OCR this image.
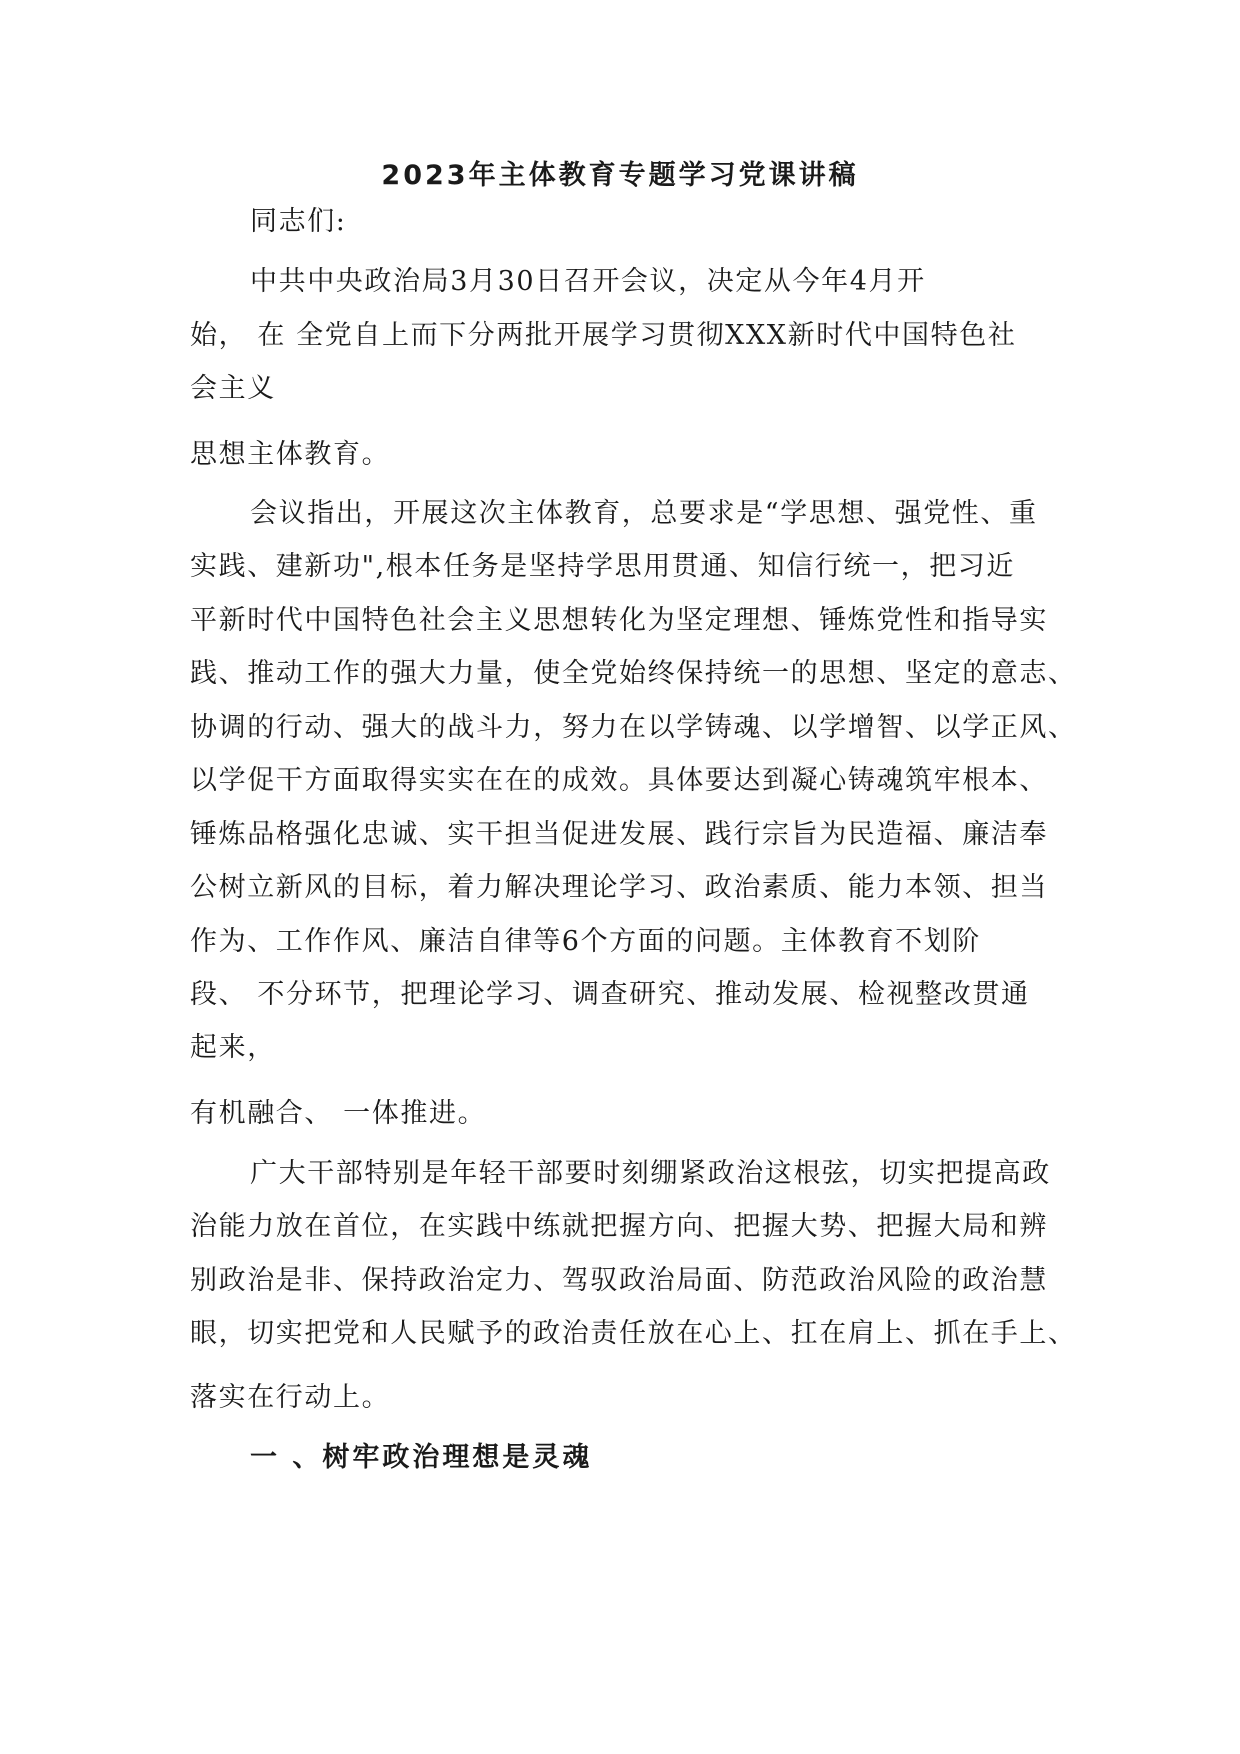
2023年主体教育专题学习党课讲稿
同志们:
中共中央政治局3月30日召开会议，决定从今年4月开
始， 在 全党自上而下分两批开展学习贯彻XXX新时代中国特色社
会主义
思想主体教育。
会议指出，开展这次主体教育，总要求是“学思想、强党性、重
实践、建新功",根本任务是坚持学思用贯通、知信行统一，把习近
平新时代中国特色社会主义思想转化为坚定理想、锤炼党性和指导实
践、推动工作的强大力量，使全党始终保持统一的思想、坚定的意志、
协调的行动、强大的战斗力，努力在以学铸魂、以学增智、以学正风、
以学促干方面取得实实在在的成效。具体要达到凝心铸魂筑牢根本、
锤炼品格强化忠诚、实干担当促进发展、践行宗旨为民造福、廉洁奉
公树立新风的目标，着力解决理论学习、政治素质、能力本领、担当
作为、工作作风、廉洁自律等6个方面的问题。主体教育不划阶
段、 不分环节，把理论学习、调查研究、推动发展、检视整改贯通
起来，
有机融合、 一体推进。
广大干部特别是年轻干部要时刻绷紧政治这根弦，切实把提高政
治能力放在首位，在实践中练就把握方向、把握大势、把握大局和辨
别政治是非、保持政治定力、驾驭政治局面、防范政治风险的政治慧
眼，切实把党和人民赋予的政治责任放在心上、扛在肩上、抓在手上、
落实在行动上。
一 、树牢政治理想是灵魂
